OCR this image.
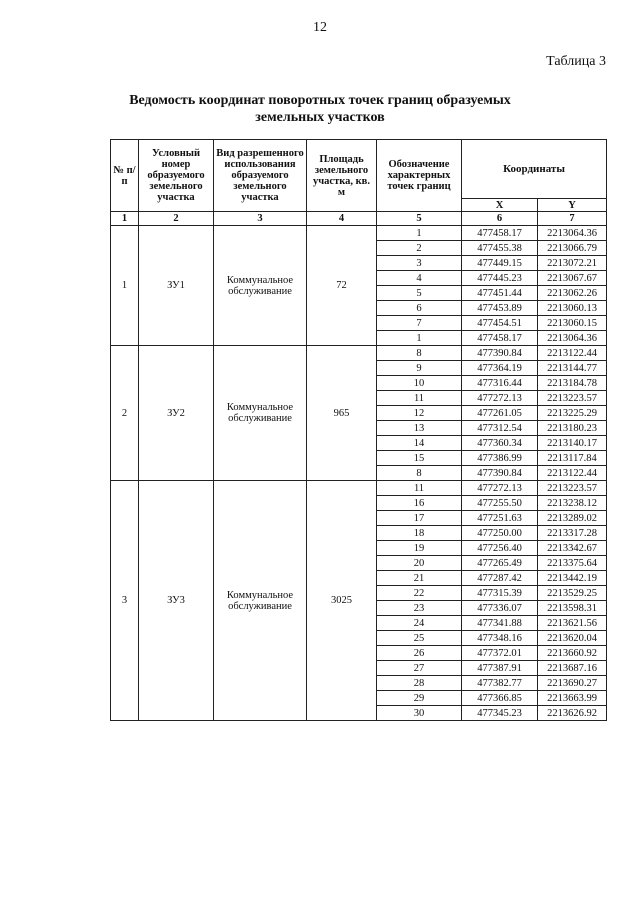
12
Таблица 3
Ведомость координат поворотных точек границ образуемых
земельных участков
№ п/п	Условный номер образуемого земельного участка	Вид разрешенного использования образуемого земельного участка	Площадь земельного участка, кв. м	Обозначение характерных точек границ	Координаты	
					X	Y
1	2	3	4	5	6	7
1	ЗУ1	Коммунальное обслуживание	72	1	477458.17	2213064.36
				2	477455.38	2213066.79
				3	477449.15	2213072.21
				4	477445.23	2213067.67
				5	477451.44	2213062.26
				6	477453.89	2213060.13
				7	477454.51	2213060.15
				1	477458.17	2213064.36
2	ЗУ2	Коммунальное обслуживание	965	8	477390.84	2213122.44
				9	477364.19	2213144.77
				10	477316.44	2213184.78
				11	477272.13	2213223.57
				12	477261.05	2213225.29
				13	477312.54	2213180.23
				14	477360.34	2213140.17
				15	477386.99	2213117.84
				8	477390.84	2213122.44
3	ЗУ3	Коммунальное обслуживание	3025	11	477272.13	2213223.57
				16	477255.50	2213238.12
				17	477251.63	2213289.02
				18	477250.00	2213317.28
				19	477256.40	2213342.67
				20	477265.49	2213375.64
				21	477287.42	2213442.19
				22	477315.39	2213529.25
				23	477336.07	2213598.31
				24	477341.88	2213621.56
				25	477348.16	2213620.04
				26	477372.01	2213660.92
				27	477387.91	2213687.16
				28	477382.77	2213690.27
				29	477366.85	2213663.99
				30	477345.23	2213626.92
